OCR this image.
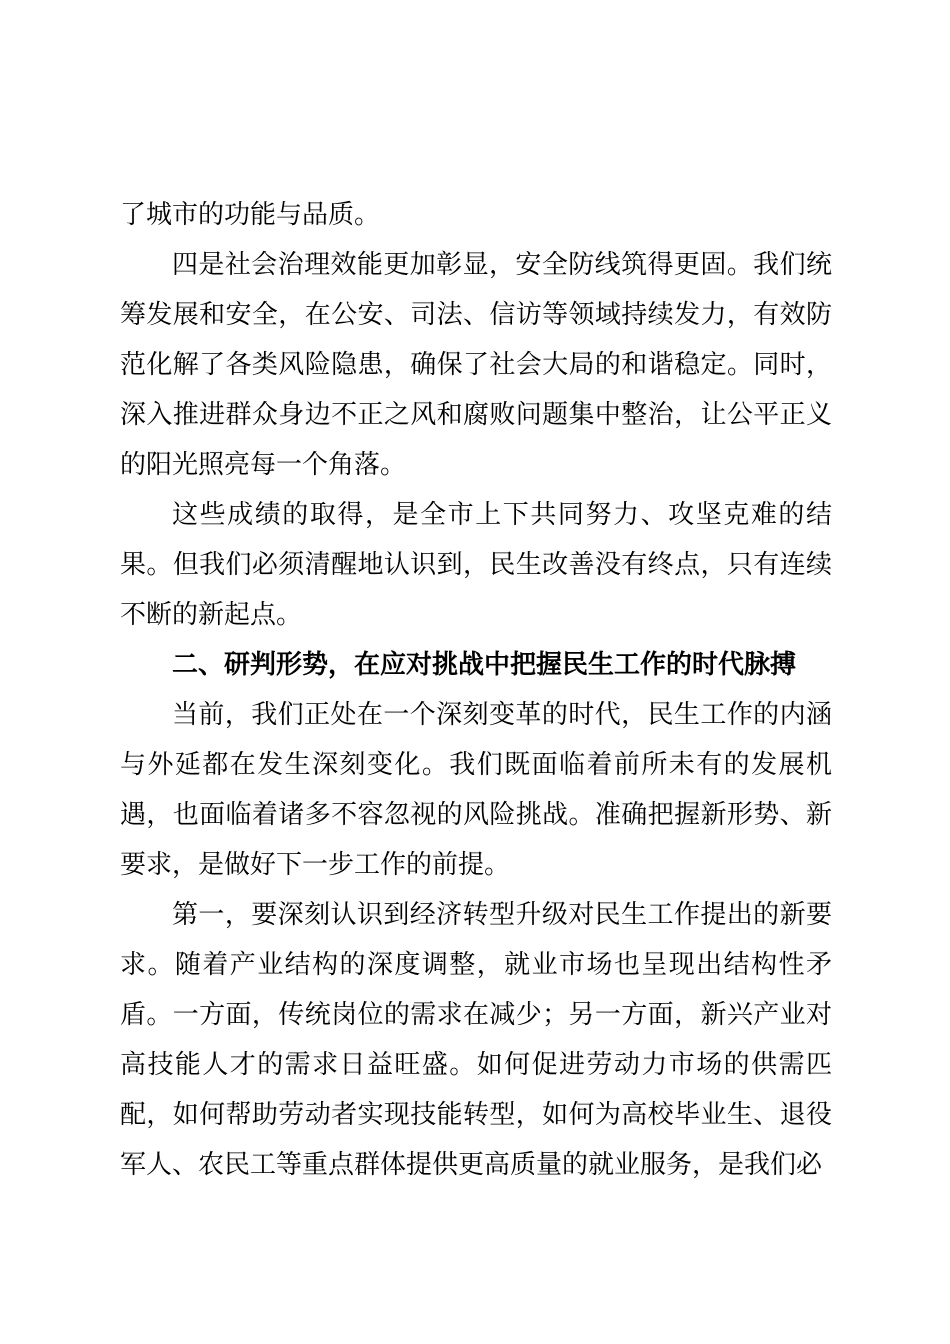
了城市的功能与品质。

四是社会治理效能更加彰显，安全防线筑得更固。我们统筹发展和安全，在公安、司法、信访等领域持续发力，有效防范化解了各类风险隐患，确保了社会大局的和谐稳定。同时，深入推进群众身边不正之风和腐败问题集中整治，让公平正义的阳光照亮每一个角落。

这些成绩的取得，是全市上下共同努力、攻坚克难的结果。但我们必须清醒地认识到，民生改善没有终点，只有连续不断的新起点。

二、研判形势，在应对挑战中把握民生工作的时代脉搏

当前，我们正处在一个深刻变革的时代，民生工作的内涵与外延都在发生深刻变化。我们既面临着前所未有的发展机遇，也面临着诸多不容忽视的风险挑战。准确把握新形势、新要求，是做好下一步工作的前提。

第一，要深刻认识到经济转型升级对民生工作提出的新要求。随着产业结构的深度调整，就业市场也呈现出结构性矛盾。一方面，传统岗位的需求在减少；另一方面，新兴产业对高技能人才的需求日益旺盛。如何促进劳动力市场的供需匹配，如何帮助劳动者实现技能转型，如何为高校毕业生、退役军人、农民工等重点群体提供更高质量的就业服务，是我们必
